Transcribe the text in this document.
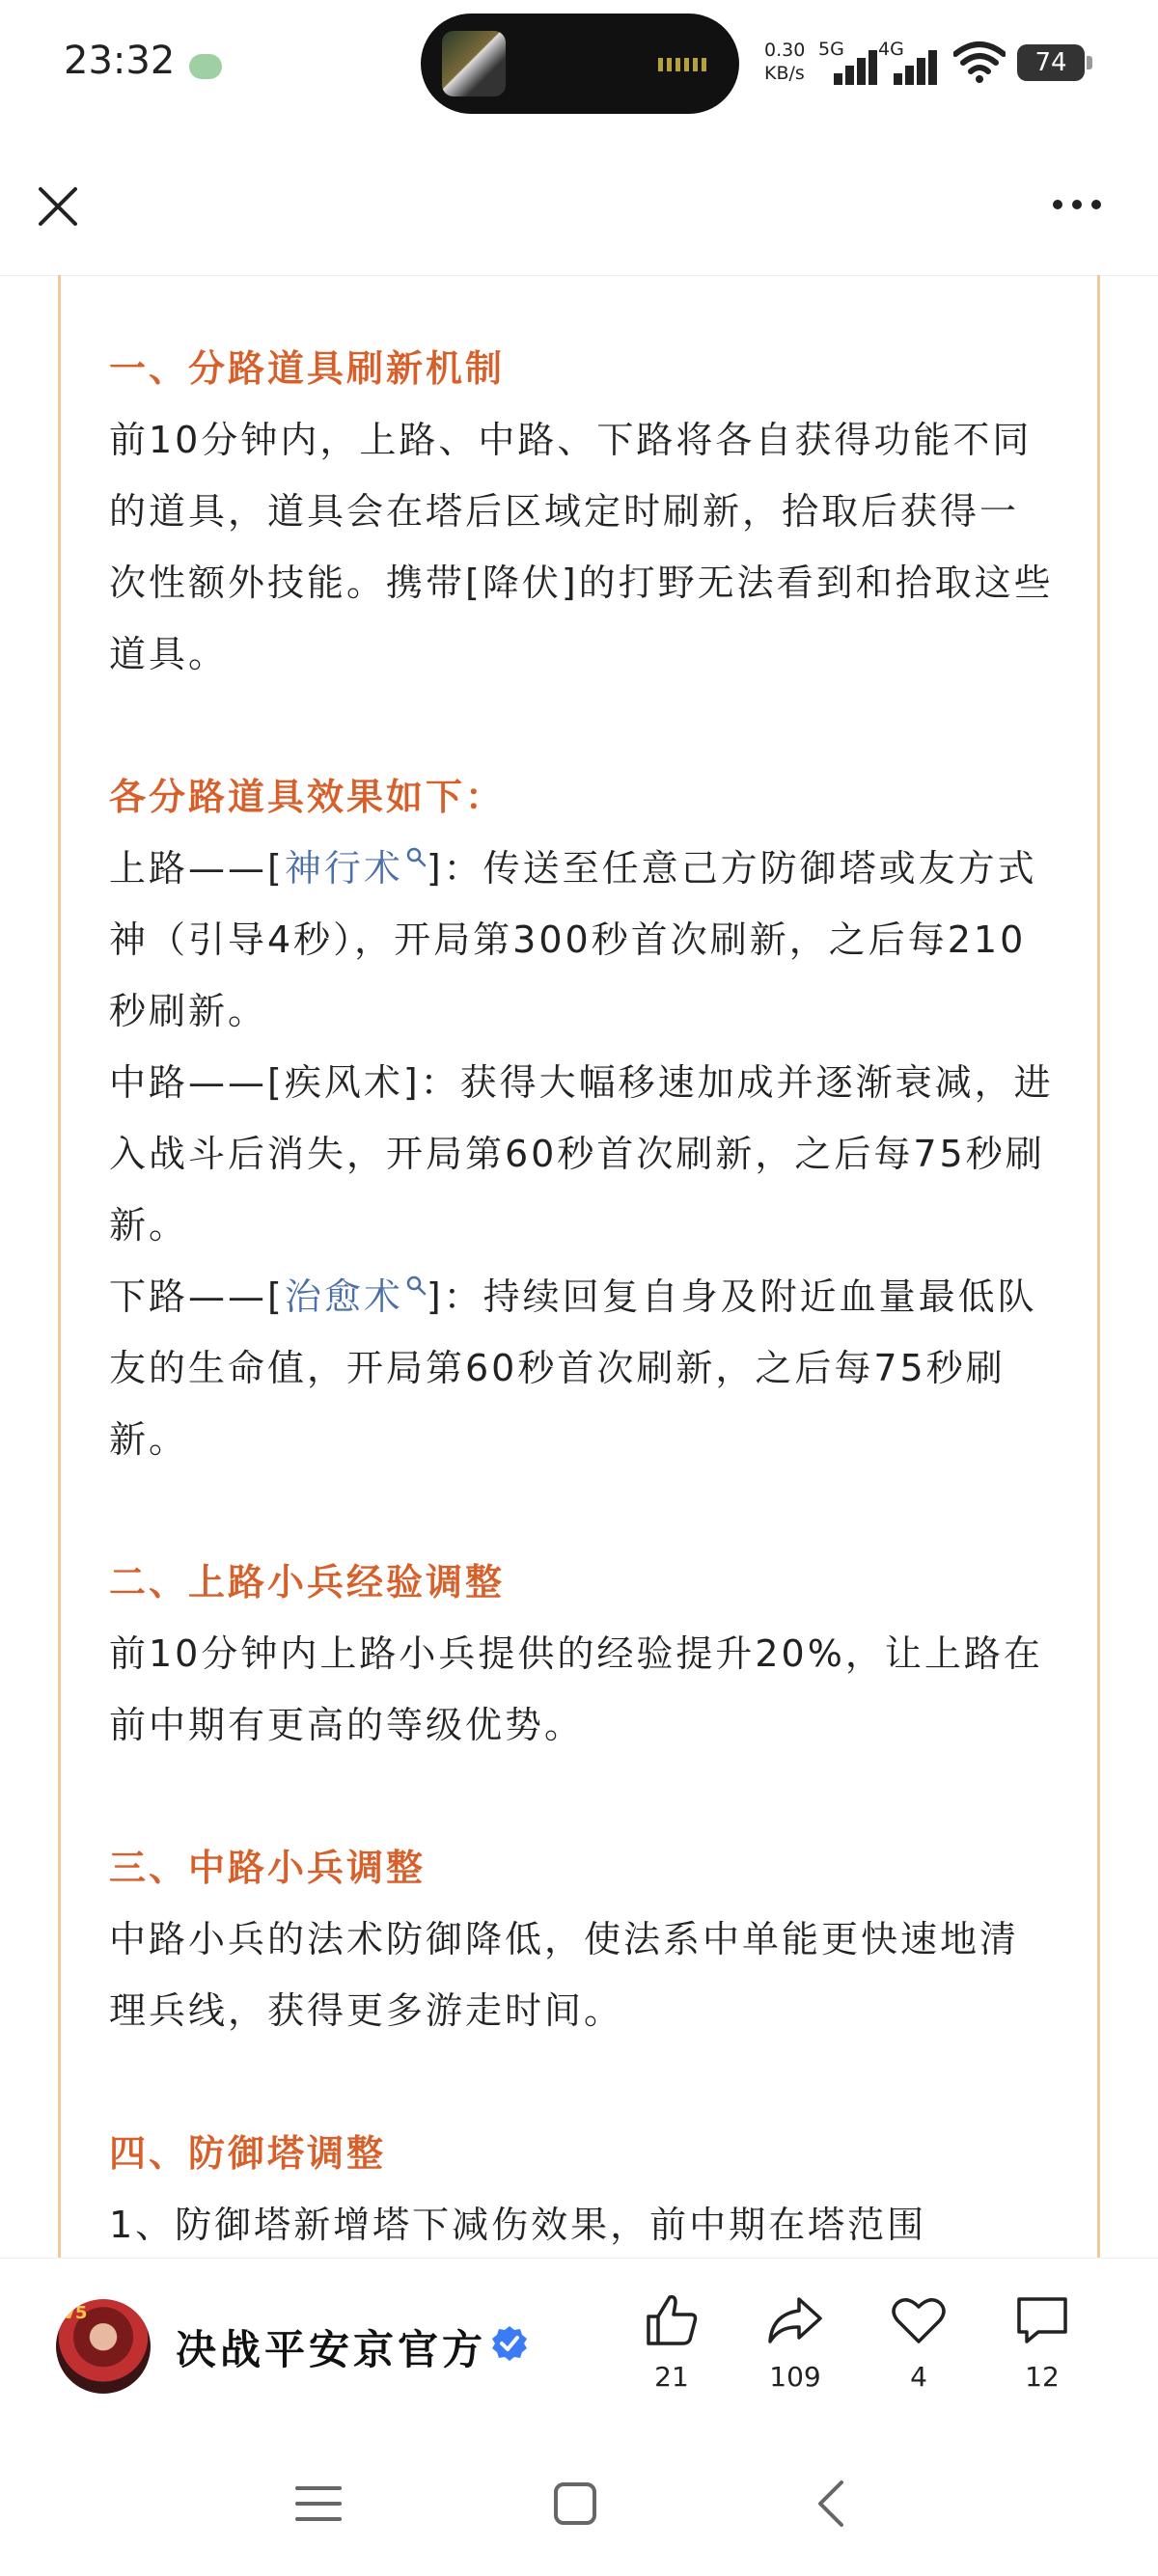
23:32	0.30
KB/s
5G 4G	74

一、分路道具刷新机制

前10分钟内，上路、中路、下路将各自获得功能不同的道具，道具会在塔后区域定时刷新，拾取后获得一次性额外技能。携带[降伏]的打野无法看到和拾取这些道具。

各分路道具效果如下：

上路——[神行术 ]：传送至任意己方防御塔或友方式神（引导4秒），开局第300秒首次刷新，之后每210秒刷新。

中路——[疾风术]：获得大幅移速加成并逐渐衰减，进入战斗后消失，开局第60秒首次刷新，之后每75秒刷新。

下路——[治愈术 ]：持续回复自身及附近血量最低队友的生命值，开局第60秒首次刷新，之后每75秒刷新。

二、上路小兵经验调整

前10分钟内上路小兵提供的经验提升20%，让上路在前中期有更高的等级优势。

三、中路小兵调整

中路小兵的法术防御降低，使法系中单能更快速地清理兵线，获得更多游走时间。

四、防御塔调整

1、防御塔新增塔下减伤效果，前中期在塔范围

V5
决战平安京官方
21	109	4	12
